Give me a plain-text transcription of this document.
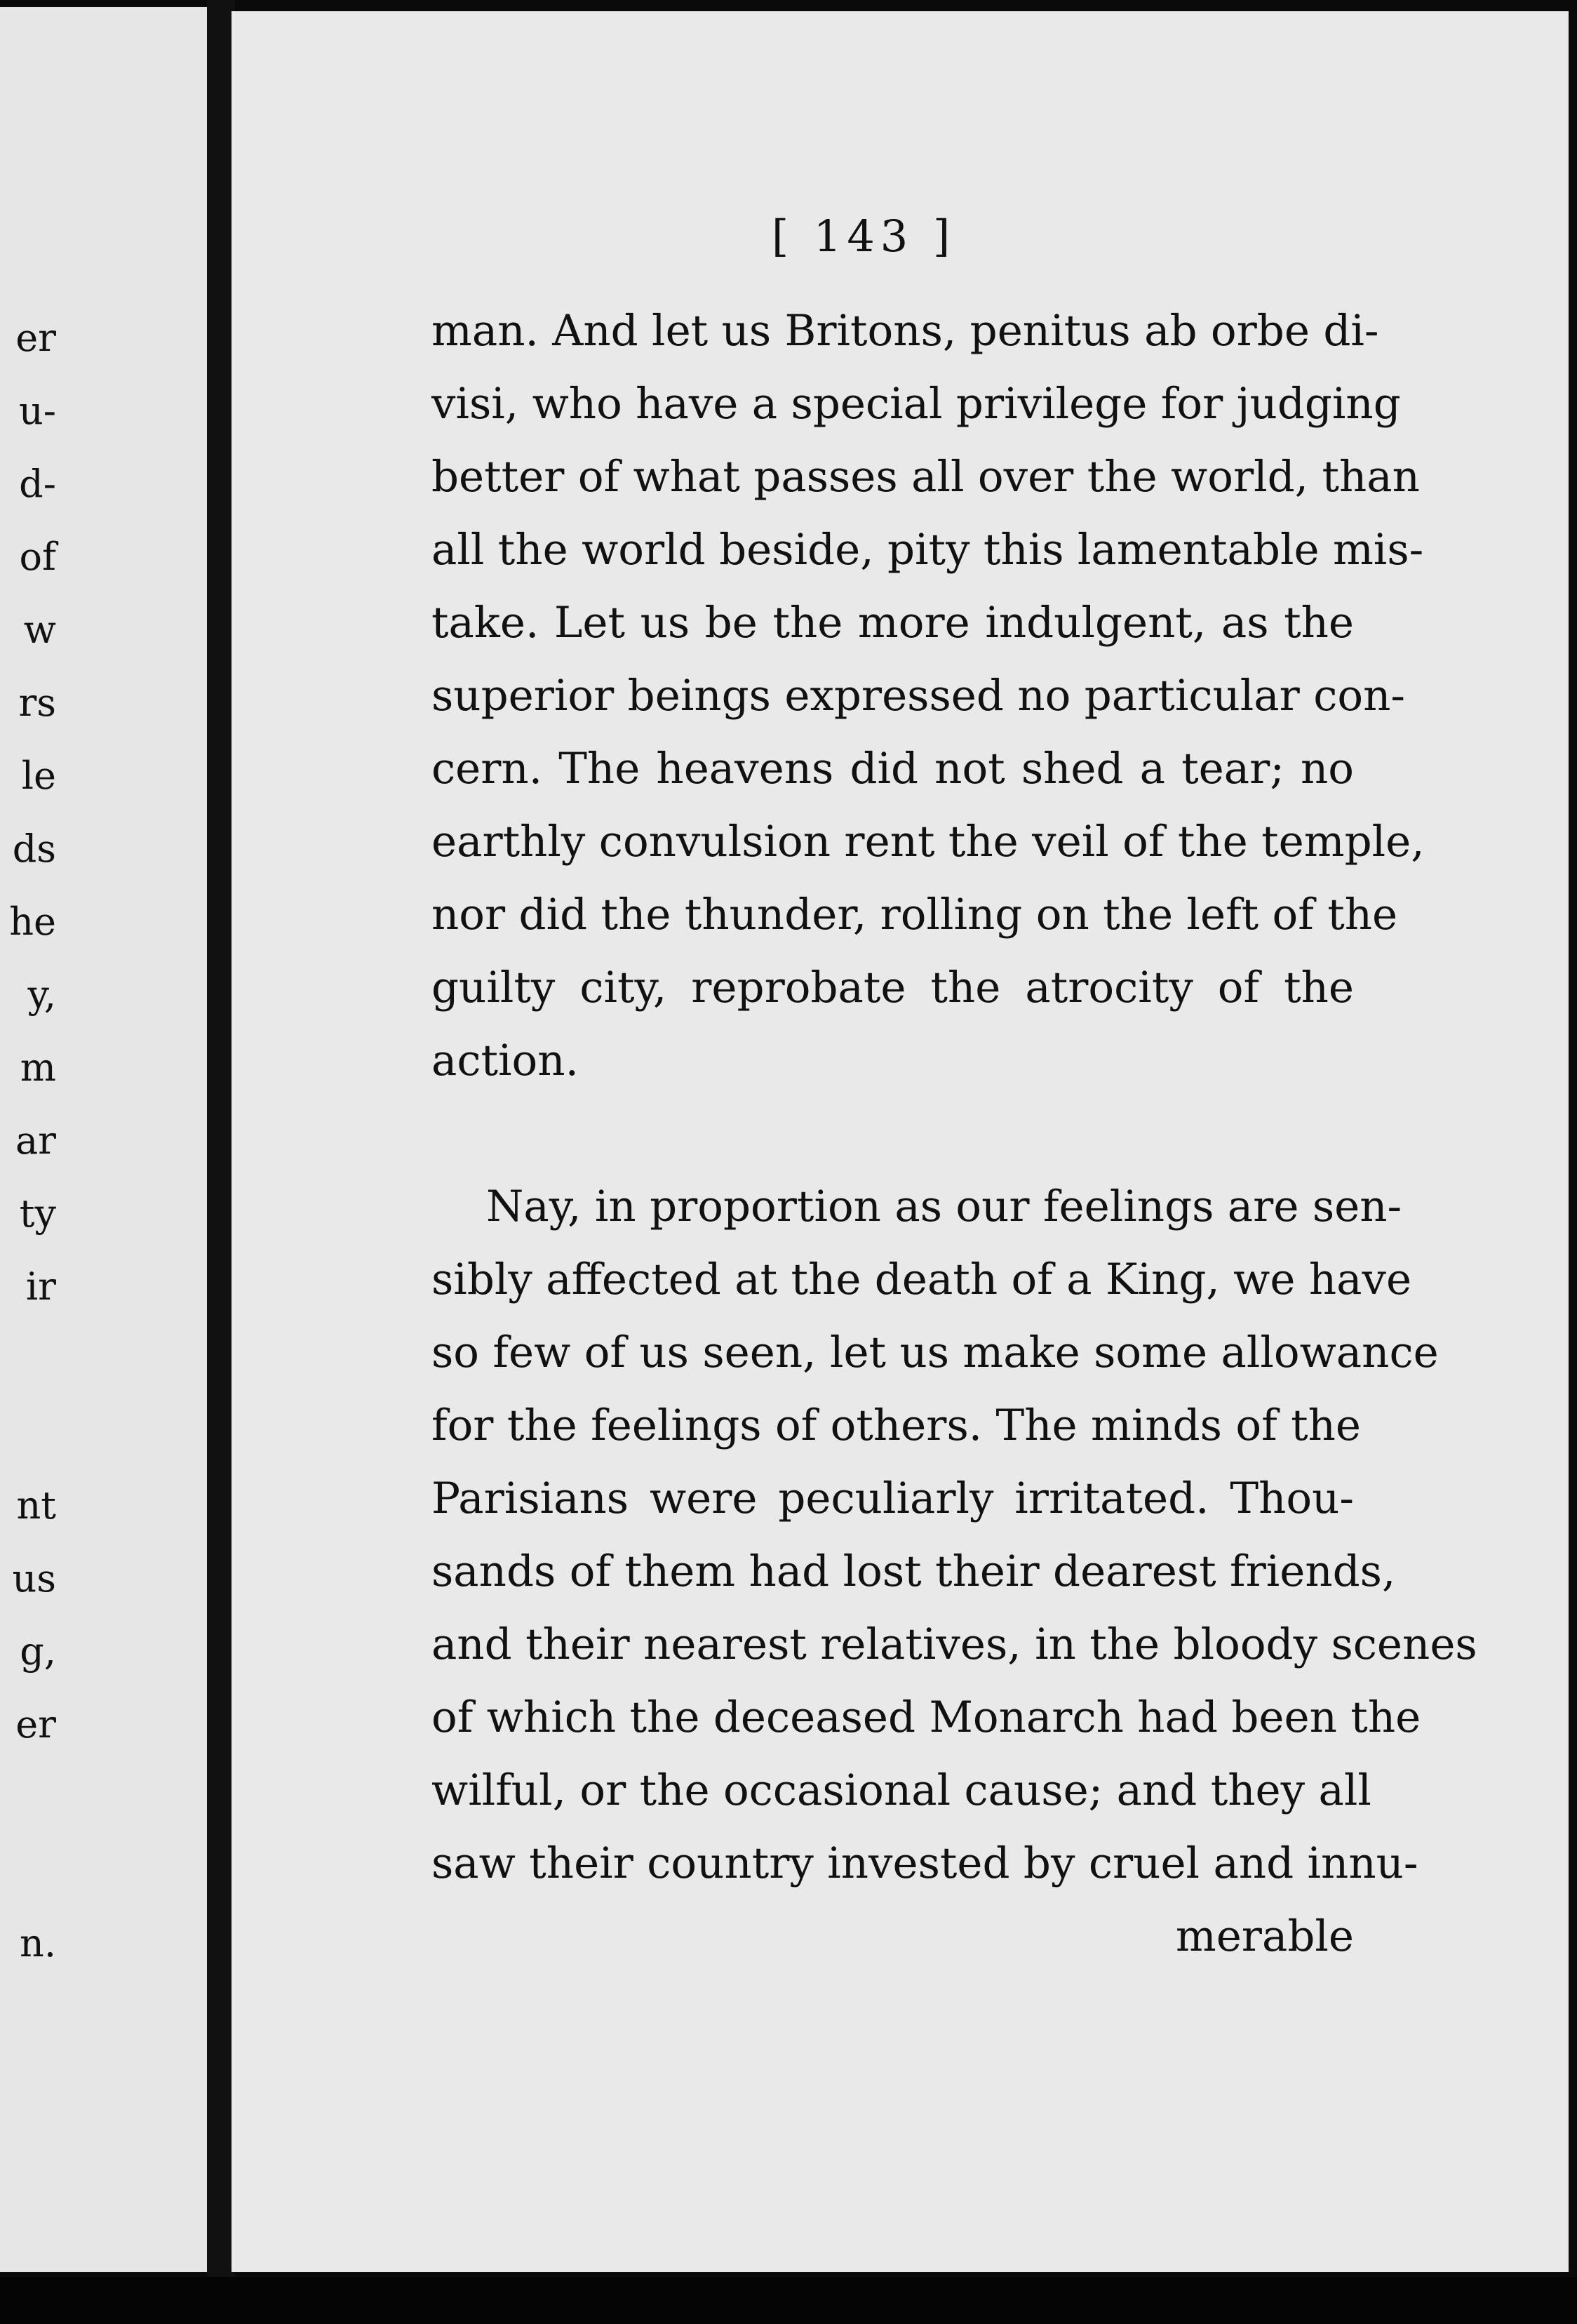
er
u-
d-
of
w
rs
le
ds
he
y,
m
ar
ty
ir
nt
us
g,
er
n.
[ 143 ]
man. And let us Britons, penitus ab orbe di-
visi, who have a special privilege for judging
better of what passes all over the world, than
all the world beside, pity this lamentable mis-
take. Let us be the more indulgent, as the
superior beings expressed no particular con-
cern. The heavens did not shed a tear; no
earthly convulsion rent the veil of the temple,
nor did the thunder, rolling on the left of the
guilty city, reprobate the atrocity of the
action.
Nay, in proportion as our feelings are sen-
sibly affected at the death of a King, we have
so few of us seen, let us make some allowance
for the feelings of others. The minds of the
Parisians were peculiarly irritated. Thou-
sands of them had lost their dearest friends,
and their nearest relatives, in the bloody scenes
of which the deceased Monarch had been the
wilful, or the occasional cause; and they all
saw their country invested by cruel and innu-
merable
